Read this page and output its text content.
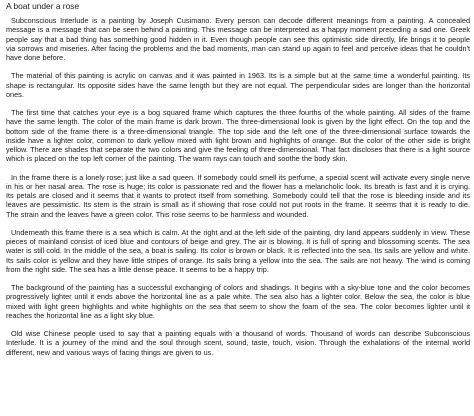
A boat under a rose

Subconscious Interlude is a painting by Joseph Cusimano. Every person can decode different meanings from a painting. A concealed message is a message that can be seen behind a painting. This message can be interpreted as a happy moment preceding a sad one. Greek people say that a bad thing has something good hidden in it. Even though people can see this optimistic side directly, life brings it to people via sorrows and miseries. After facing the problems and the bad moments, man can stand up again to feel and perceive ideas that he couldn't have done before.

The material of this painting is acrylic on canvas and it was painted in 1963. Its is a simple but at the same time a wonderful painting. Its shape is rectangular. Its opposite sides have the same length but they are not equal. The perpendicular sides are longer than the horizontal ones.

The first time that catches your eye is a bog squared frame which captures the three fourths of the whole painting. All sides of the frame have the same length. The color of the main frame is dark brown. The three-dimensional look is given by the light effect. On the top and the bottom side of the frame there is a three-dimensional triangle. The top side and the left one of the three-dimensional surface towards the inside have a lighter color, common to dark yellow mixed with light brown and highlights of orange. But the color of the other side is bright yellow. There are shades that separate the two colors and give the feeling of three-dimensional. That fact discloses that there is a light source which is placed on the top left corner of the painting. The warm rays can touch and soothe the body skin.

In the frame there is a lonely rose; just like a sad queen. If somebody could smell its perfume, a special scent will activate every single nerve in his or her nasal area. The rose is huge; its color is passionate red and the flower has a melancholic look. Its breath is fast and it is crying. Its petals are closed and it seems that it wants to protect itself from something. Somebody could tell that the rose is bleeding inside and its leaves are pessimistic. Its stem is the strain is small as if showing that rose could not put roots in the frame. It seems that it is ready to die. The strain and the leaves have a green color. This rose seems to be harmless and wounded.

Underneath this frame there is a sea which is calm. At the right and at the left side of the painting, dry land appears suddenly in view. These pieces of mainland consist of iced blue and contours of beige and grey. The air is blowing. It is full of spring and blossoming scents. The sea water is still cold. In the middle of the sea, a boat is sailing. Its color is brown or black. It is reflected into the sea. Its sails are yellow and white. Its sails color is yellow and they have little stripes of orange. Its sails bring a yellow into the sea. The sails are not heavy. The wind is coming from the right side. The sea has a little dense peace. It seems to be a happy trip.

The background of the painting has a successful exchanging of colors and shadings. It begins with a sky-blue tone and the color becomes progressively lighter until it ends above the horizontal line as a pale white. The sea also has a lighter color. Below the sea, the color is blue mixed with light green highlights and white highlights on the sea that seem to show the foam of the sea. The color becomes lighter until it reaches the horizontal line as a light sky blue.

Old wise Chinese people used to say that a painting equals with a thousand of words. Thousand of words can describe Subconscious Interlude. It is a journey of the mind and the soul through scent, sound, taste, touch, vision. Through the exhalations of the internal world different, new and various ways of facing things are given to us.
